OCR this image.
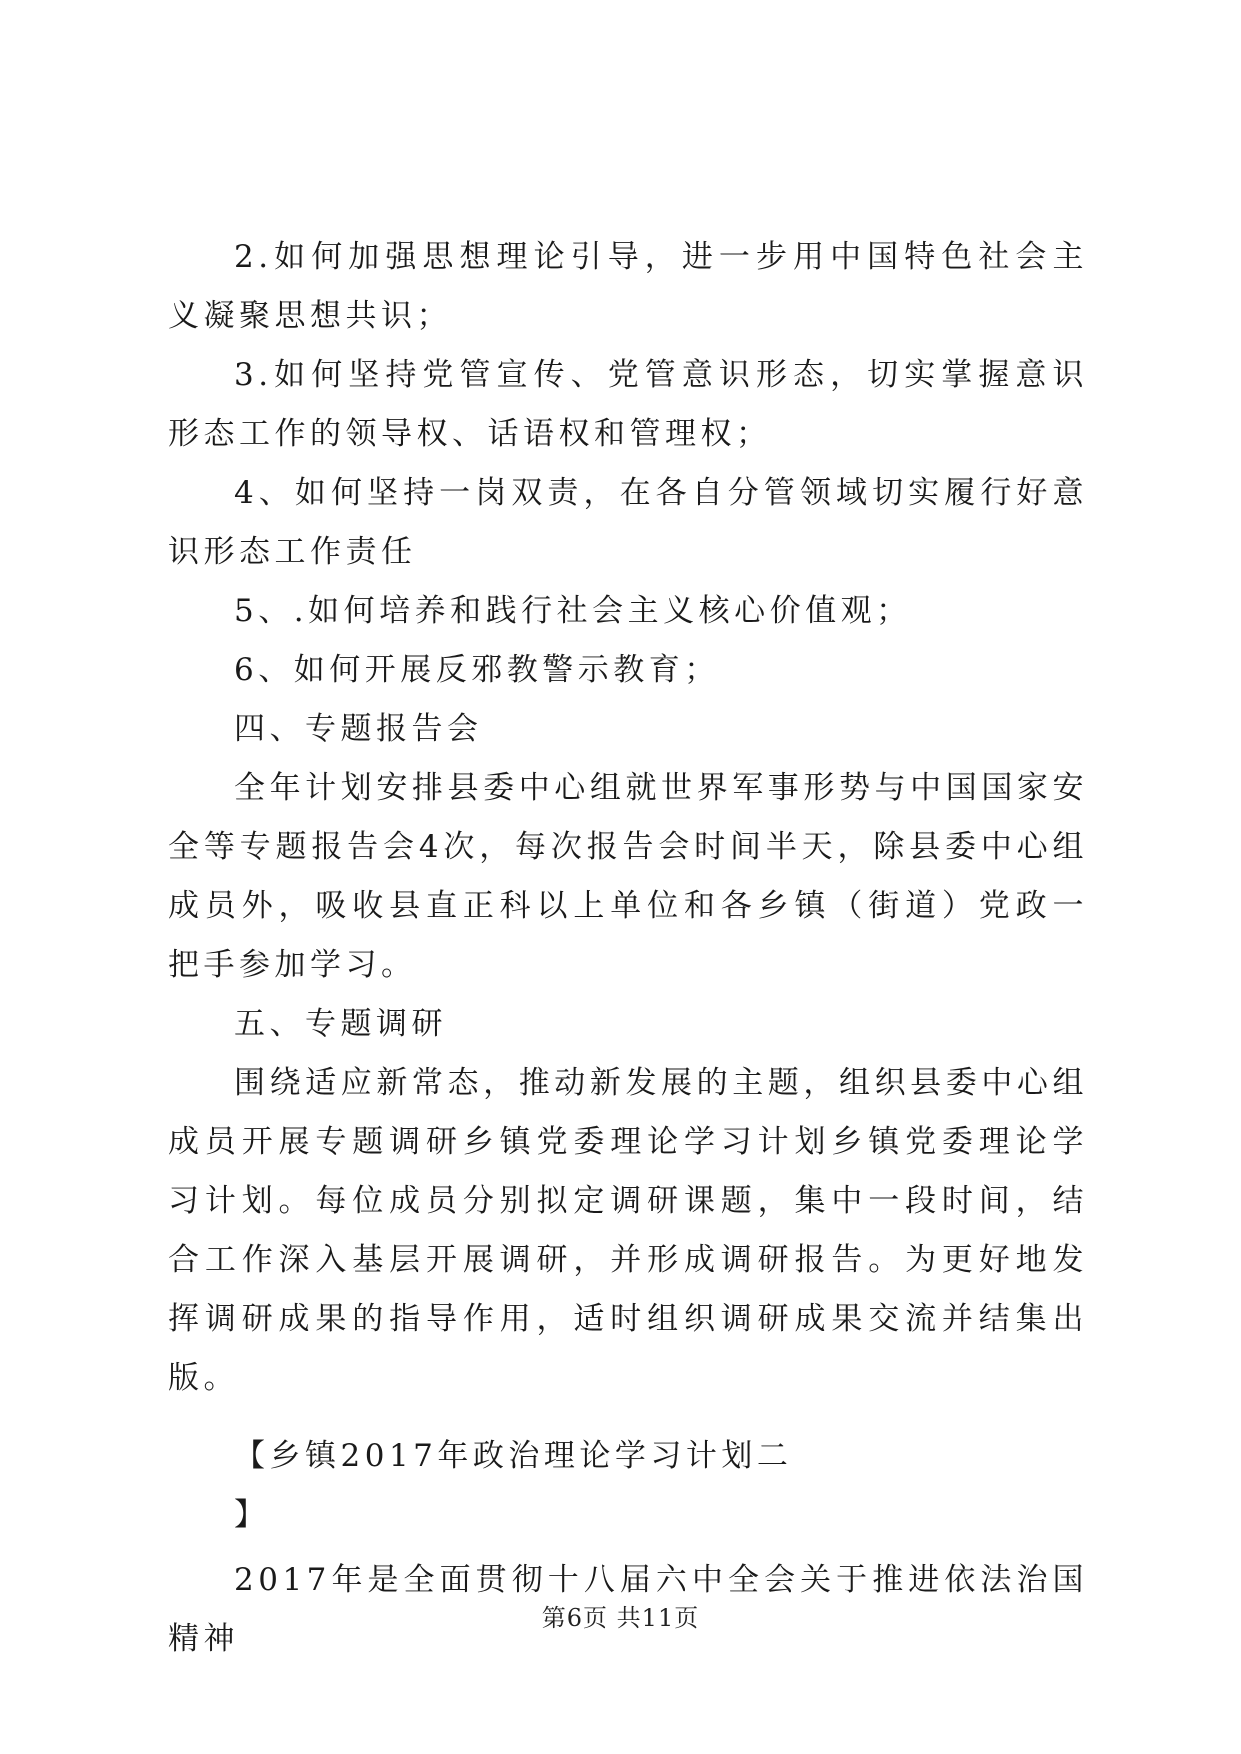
2.如何加强思想理论引导，进一步用中国特色社会主义凝聚思想共识；

3.如何坚持党管宣传、党管意识形态，切实掌握意识形态工作的领导权、话语权和管理权；

4、如何坚持一岗双责，在各自分管领域切实履行好意识形态工作责任

5、.如何培养和践行社会主义核心价值观；

6、如何开展反邪教警示教育；

四、专题报告会

全年计划安排县委中心组就世界军事形势与中国国家安全等专题报告会4次，每次报告会时间半天，除县委中心组成员外，吸收县直正科以上单位和各乡镇（街道）党政一把手参加学习。

五、专题调研

围绕适应新常态，推动新发展的主题，组织县委中心组成员开展专题调研乡镇党委理论学习计划乡镇党委理论学习计划。每位成员分别拟定调研课题，集中一段时间，结合工作深入基层开展调研，并形成调研报告。为更好地发挥调研成果的指导作用，适时组织调研成果交流并结集出版。

【乡镇2017年政治理论学习计划二

】

2017年是全面贯彻十八届六中全会关于推进依法治国精神

第6页 共11页
